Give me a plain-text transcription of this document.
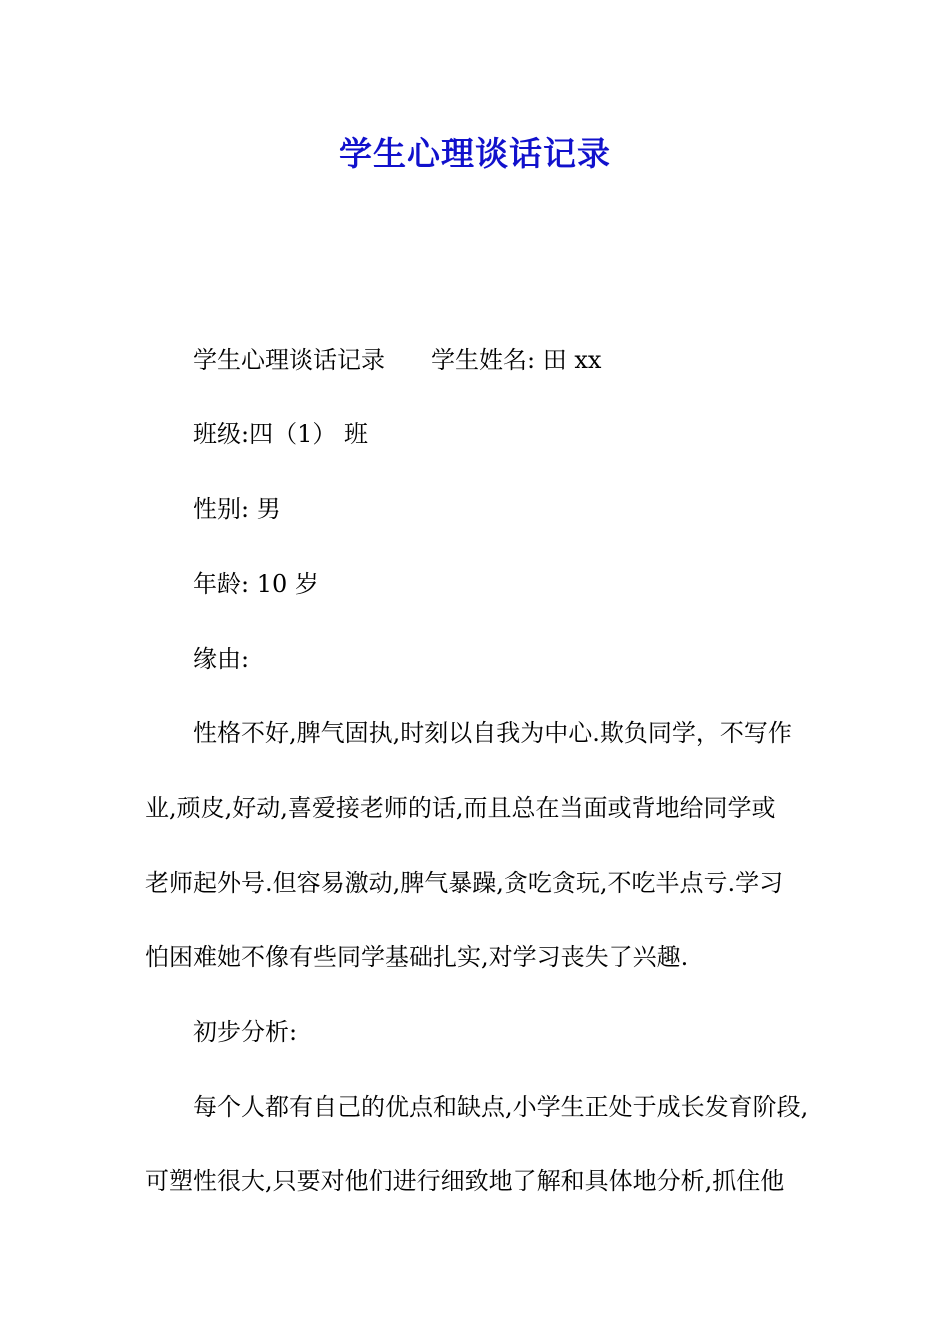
学生心理谈话记录
学生心理谈话记录 学生姓名: 田 xx
班级:四（1） 班
性别: 男
年龄: 10 岁
缘由:
性格不好,脾气固执,时刻以自我为中心.欺负同学，不写作
业,顽皮,好动,喜爱接老师的话,而且总在当面或背地给同学或
老师起外号.但容易激动,脾气暴躁,贪吃贪玩,不吃半点亏.学习
怕困难她不像有些同学基础扎实,对学习丧失了兴趣.
初步分析:
每个人都有自己的优点和缺点,小学生正处于成长发育阶段,
可塑性很大,只要对他们进行细致地了解和具体地分析,抓住他
